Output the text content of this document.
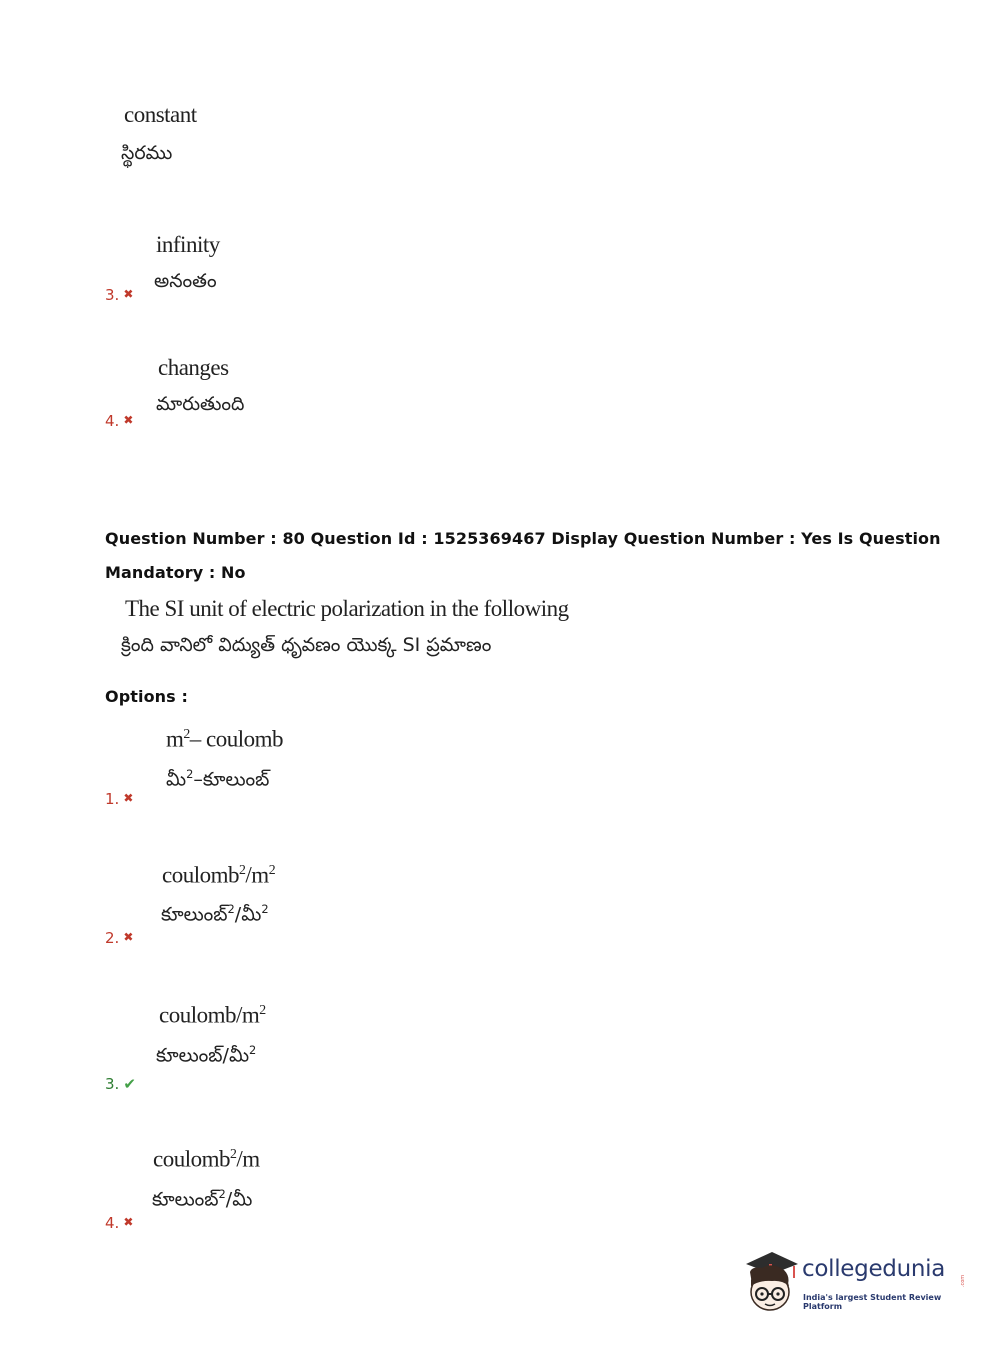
constant
స్థిరము
infinity
అనంతం
3. ✖
changes
మారుతుంది
4. ✖
Question Number : 80 Question Id : 1525369467 Display Question Number : Yes Is Question
Mandatory : No
The SI unit of electric polarization in the following
క్రింది వానిలో విద్యుత్ ధృవణం యొక్క SI ప్రమాణం
Options :
$m^2-$ coulomb
మీ$^2$–కూలుంబ్
1. ✖
$coulomb^2/m^2$
కూలుంబ్$^2$/మీ$^2$
2. ✖
coulomb/$m^2$
కూలుంబ్/మీ$^2$
3. ✔
coulomb$^2$/m
కూలుంబ్$^2$/మీ
4. ✖
collegedunia	.com
India's largest Student Review Platform
